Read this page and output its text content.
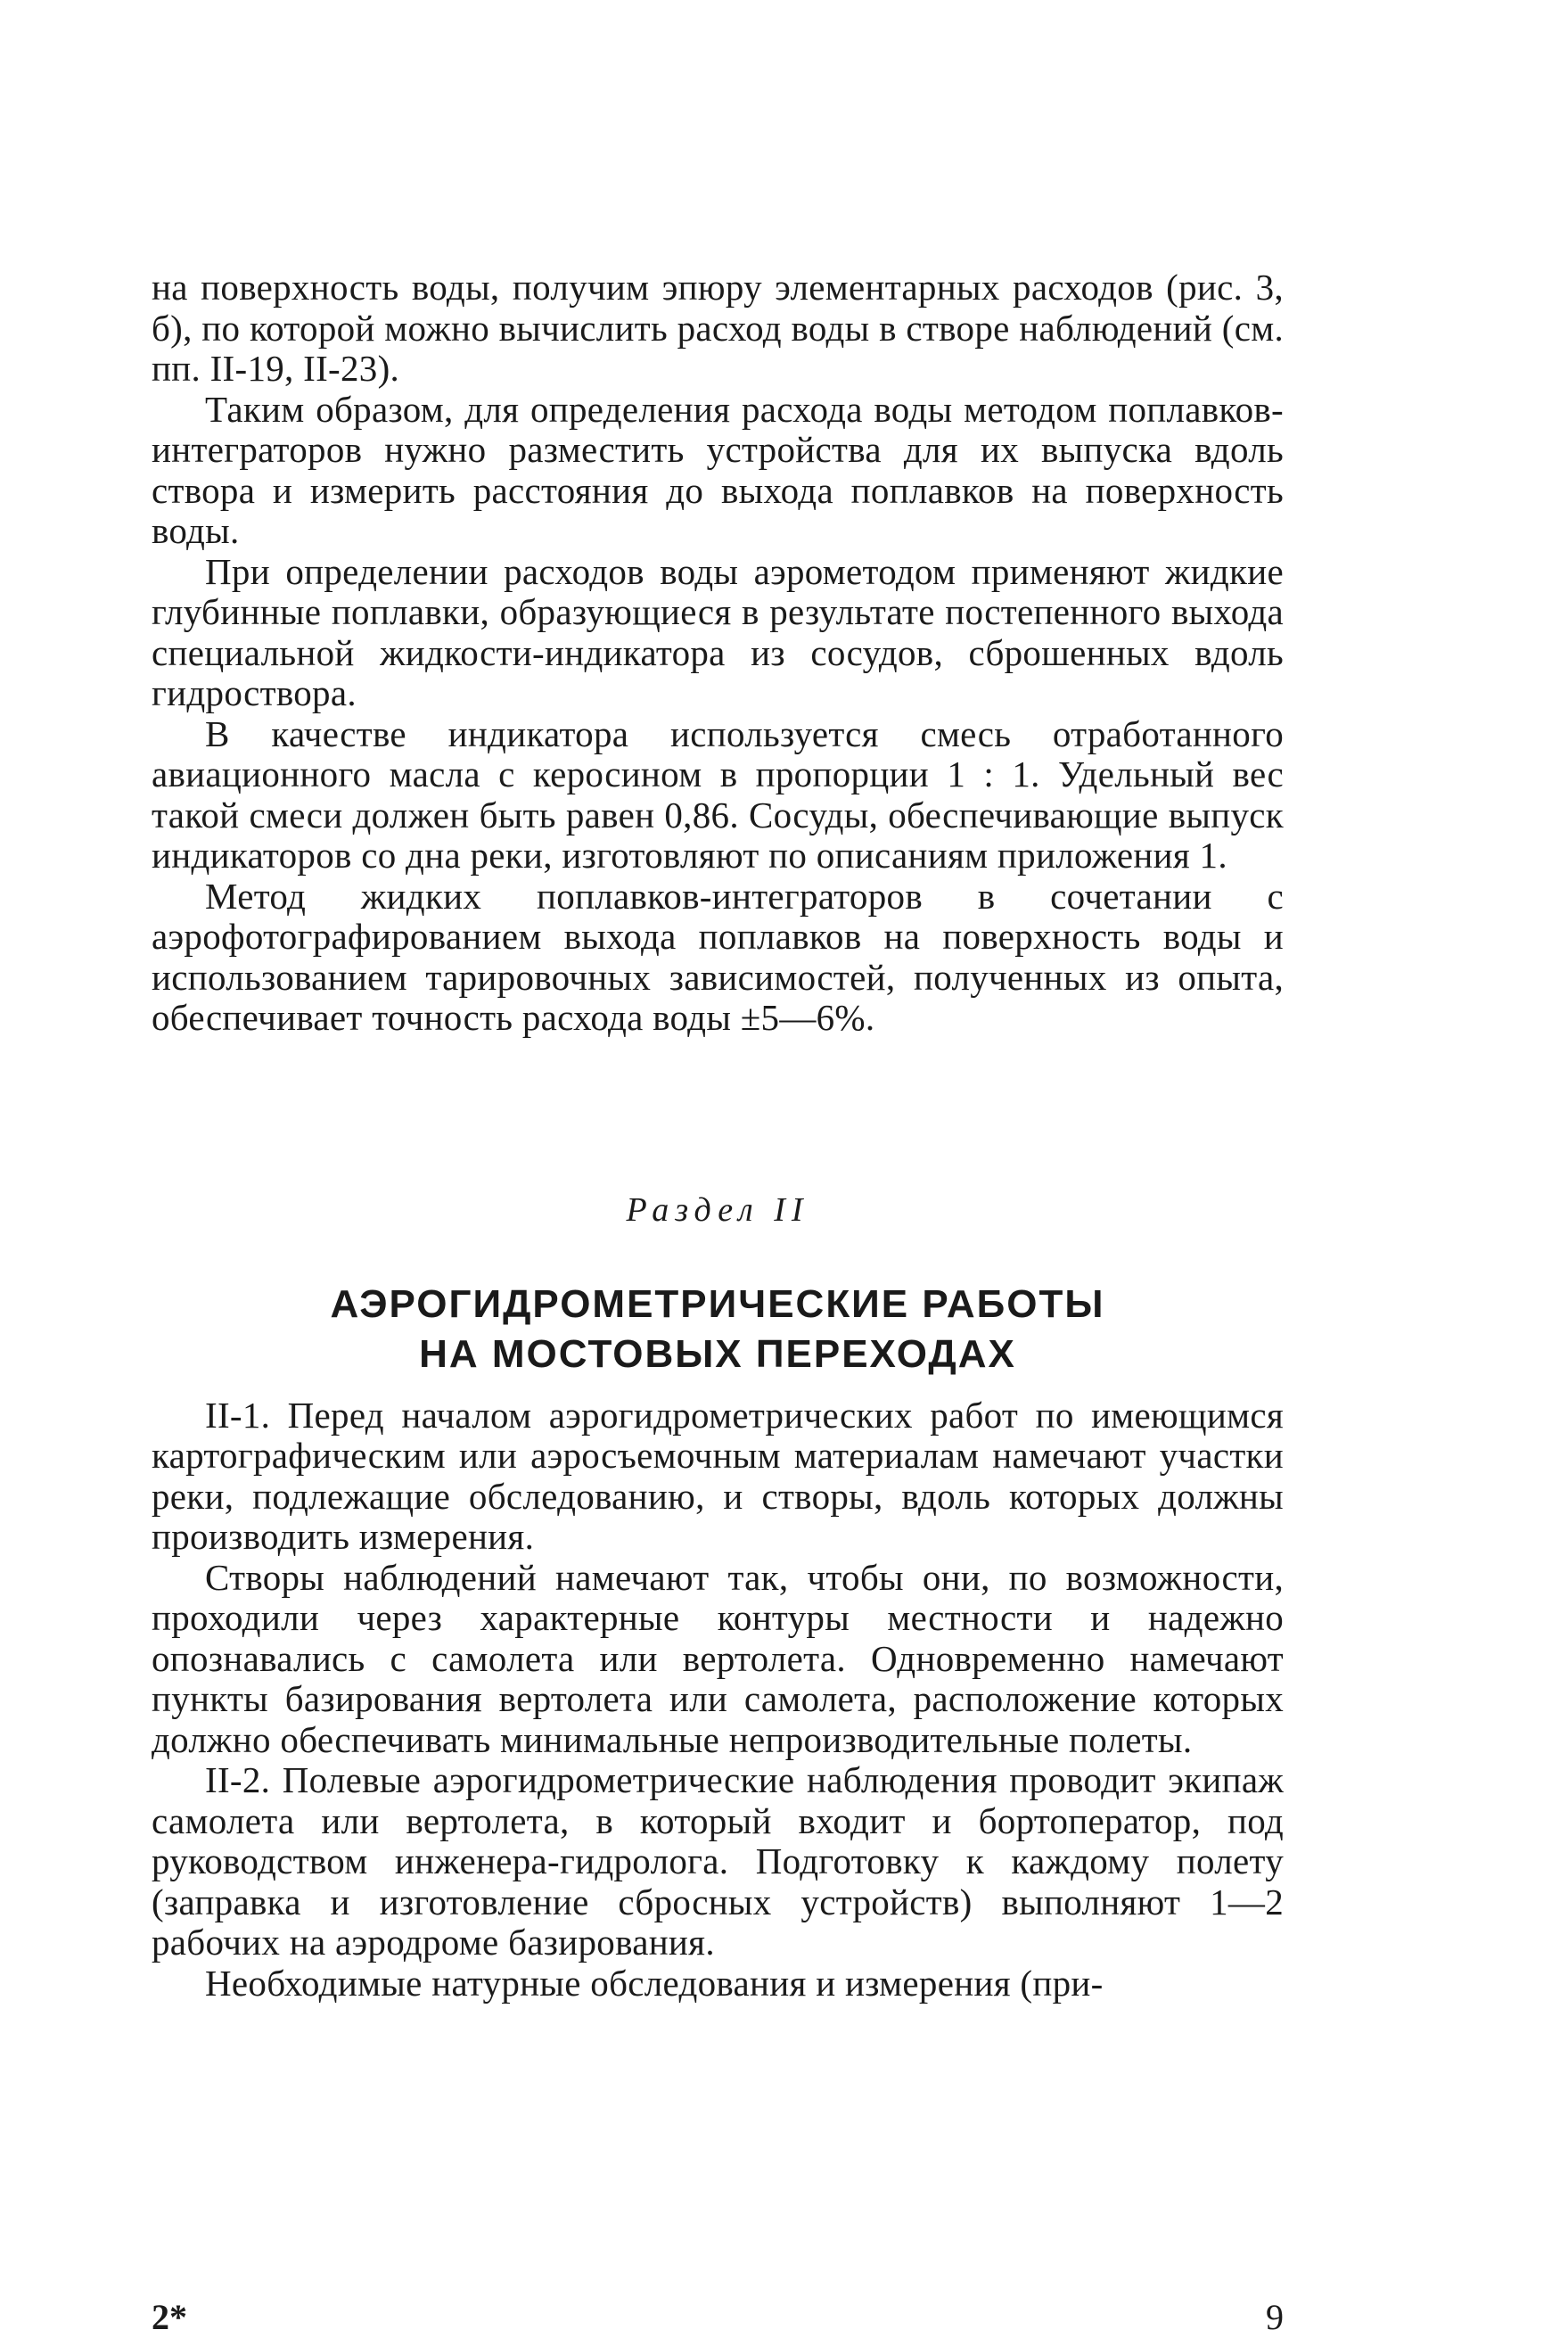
на поверхность воды, получим эпюру элементарных расходов (рис. 3, б), по которой можно вычислить расход воды в створе наблюдений (см. пп. II-19, II-23).

Таким образом, для определения расхода воды методом поплавков-интеграторов нужно разместить устройства для их выпуска вдоль створа и измерить расстояния до выхода поплавков на поверхность воды.

При определении расходов воды аэрометодом применяют жидкие глубинные поплавки, образующиеся в результате постепенного выхода специальной жидкости-индикатора из сосудов, сброшенных вдоль гидроствора.

В качестве индикатора используется смесь отработанного авиационного масла с керосином в пропорции 1 : 1. Удельный вес такой смеси должен быть равен 0,86. Сосуды, обеспечивающие выпуск индикаторов со дна реки, изготовляют по описаниям приложения 1.

Метод жидких поплавков-интеграторов в сочетании с аэрофотографированием выхода поплавков на поверхность воды и использованием тарировочных зависимостей, полученных из опыта, обеспечивает точность расхода воды ±5—6%.

Раздел II
АЭРОГИДРОМЕТРИЧЕСКИЕ РАБОТЫ
НА МОСТОВЫХ ПЕРЕХОДАХ

II-1. Перед началом аэрогидрометрических работ по имеющимся картографическим или аэросъемочным материалам намечают участки реки, подлежащие обследованию, и створы, вдоль которых должны производить измерения.

Створы наблюдений намечают так, чтобы они, по возможности, проходили через характерные контуры местности и надежно опознавались с самолета или вертолета. Одновременно намечают пункты базирования вертолета или самолета, расположение которых должно обеспечивать минимальные непроизводительные полеты.

II-2. Полевые аэрогидрометрические наблюдения проводит экипаж самолета или вертолета, в который входит и бортоператор, под руководством инженера-гидролога. Подготовку к каждому полету (заправка и изготовление сбросных устройств) выполняют 1—2 рабочих на аэродроме базирования.

Необходимые натурные обследования и измерения (при-

2*	9
